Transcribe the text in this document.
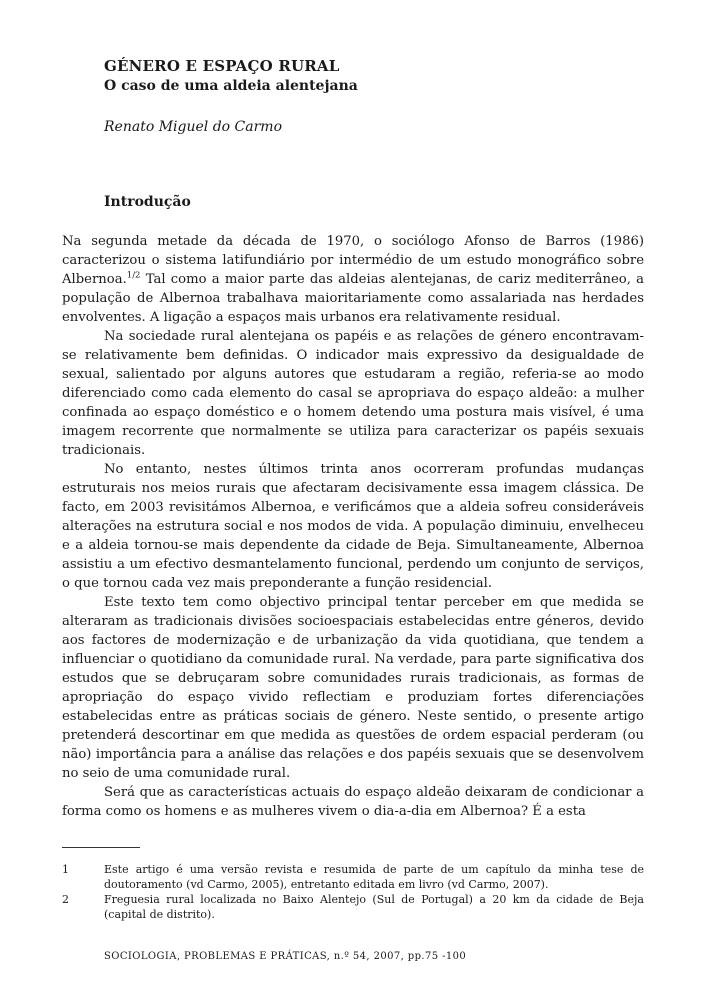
GÉNERO E ESPAÇO RURAL
O caso de uma aldeia alentejana
Renato Miguel do Carmo
Introdução

Na segunda metade da década de 1970, o sociólogo Afonso de Barros (1986) caracterizou o sistema latifundiário por intermédio de um estudo monográfico sobre Albernoa.$^{1/2}$ Tal como a maior parte das aldeias alentejanas, de cariz mediterrâneo, a população de Albernoa trabalhava maioritariamente como assalariada nas herdades envolventes. A ligação a espaços mais urbanos era relativamente residual.

Na sociedade rural alentejana os papéis e as relações de género encontravam-se relativamente bem definidas. O indicador mais expressivo da desigualdade de sexual, salientado por alguns autores que estudaram a região, referia-se ao modo diferenciado como cada elemento do casal se apropriava do espaço aldeão: a mulher confinada ao espaço doméstico e o homem detendo uma postura mais visível, é uma imagem recorrente que normalmente se utiliza para caracterizar os papéis sexuais tradicionais.

No entanto, nestes últimos trinta anos ocorreram profundas mudanças estruturais nos meios rurais que afectaram decisivamente essa imagem clássica. De facto, em 2003 revisitámos Albernoa, e verificámos que a aldeia sofreu consideráveis alterações na estrutura social e nos modos de vida. A população diminuiu, envelheceu e a aldeia tornou-se mais dependente da cidade de Beja. Simultaneamente, Albernoa assistiu a um efectivo desmantelamento funcional, perdendo um conjunto de serviços, o que tornou cada vez mais preponderante a função residencial.

Este texto tem como objectivo principal tentar perceber em que medida se alteraram as tradicionais divisões socioespaciais estabelecidas entre géneros, devido aos factores de modernização e de urbanização da vida quotidiana, que tendem a influenciar o quotidiano da comunidade rural. Na verdade, para parte significativa dos estudos que se debruçaram sobre comunidades rurais tradicionais, as formas de apropriação do espaço vivido reflectiam e produziam fortes diferenciações estabelecidas entre as práticas sociais de género. Neste sentido, o presente artigo pretenderá descortinar em que medida as questões de ordem espacial perderam (ou não) importância para a análise das relações e dos papéis sexuais que se desenvolvem no seio de uma comunidade rural.

Será que as características actuais do espaço aldeão deixaram de condicionar a forma como os homens e as mulheres vivem o dia-a-dia em Albernoa? É a esta

1	Este artigo é uma versão revista e resumida de parte de um capítulo da minha tese de doutoramento (vd Carmo, 2005), entretanto editada em livro (vd Carmo, 2007).
2	Freguesia rural localizada no Baixo Alentejo (Sul de Portugal) a 20 km da cidade de Beja (capital de distrito).
SOCIOLOGIA, PROBLEMAS E PRÁTICAS, n.º 54, 2007, pp.75 -100
